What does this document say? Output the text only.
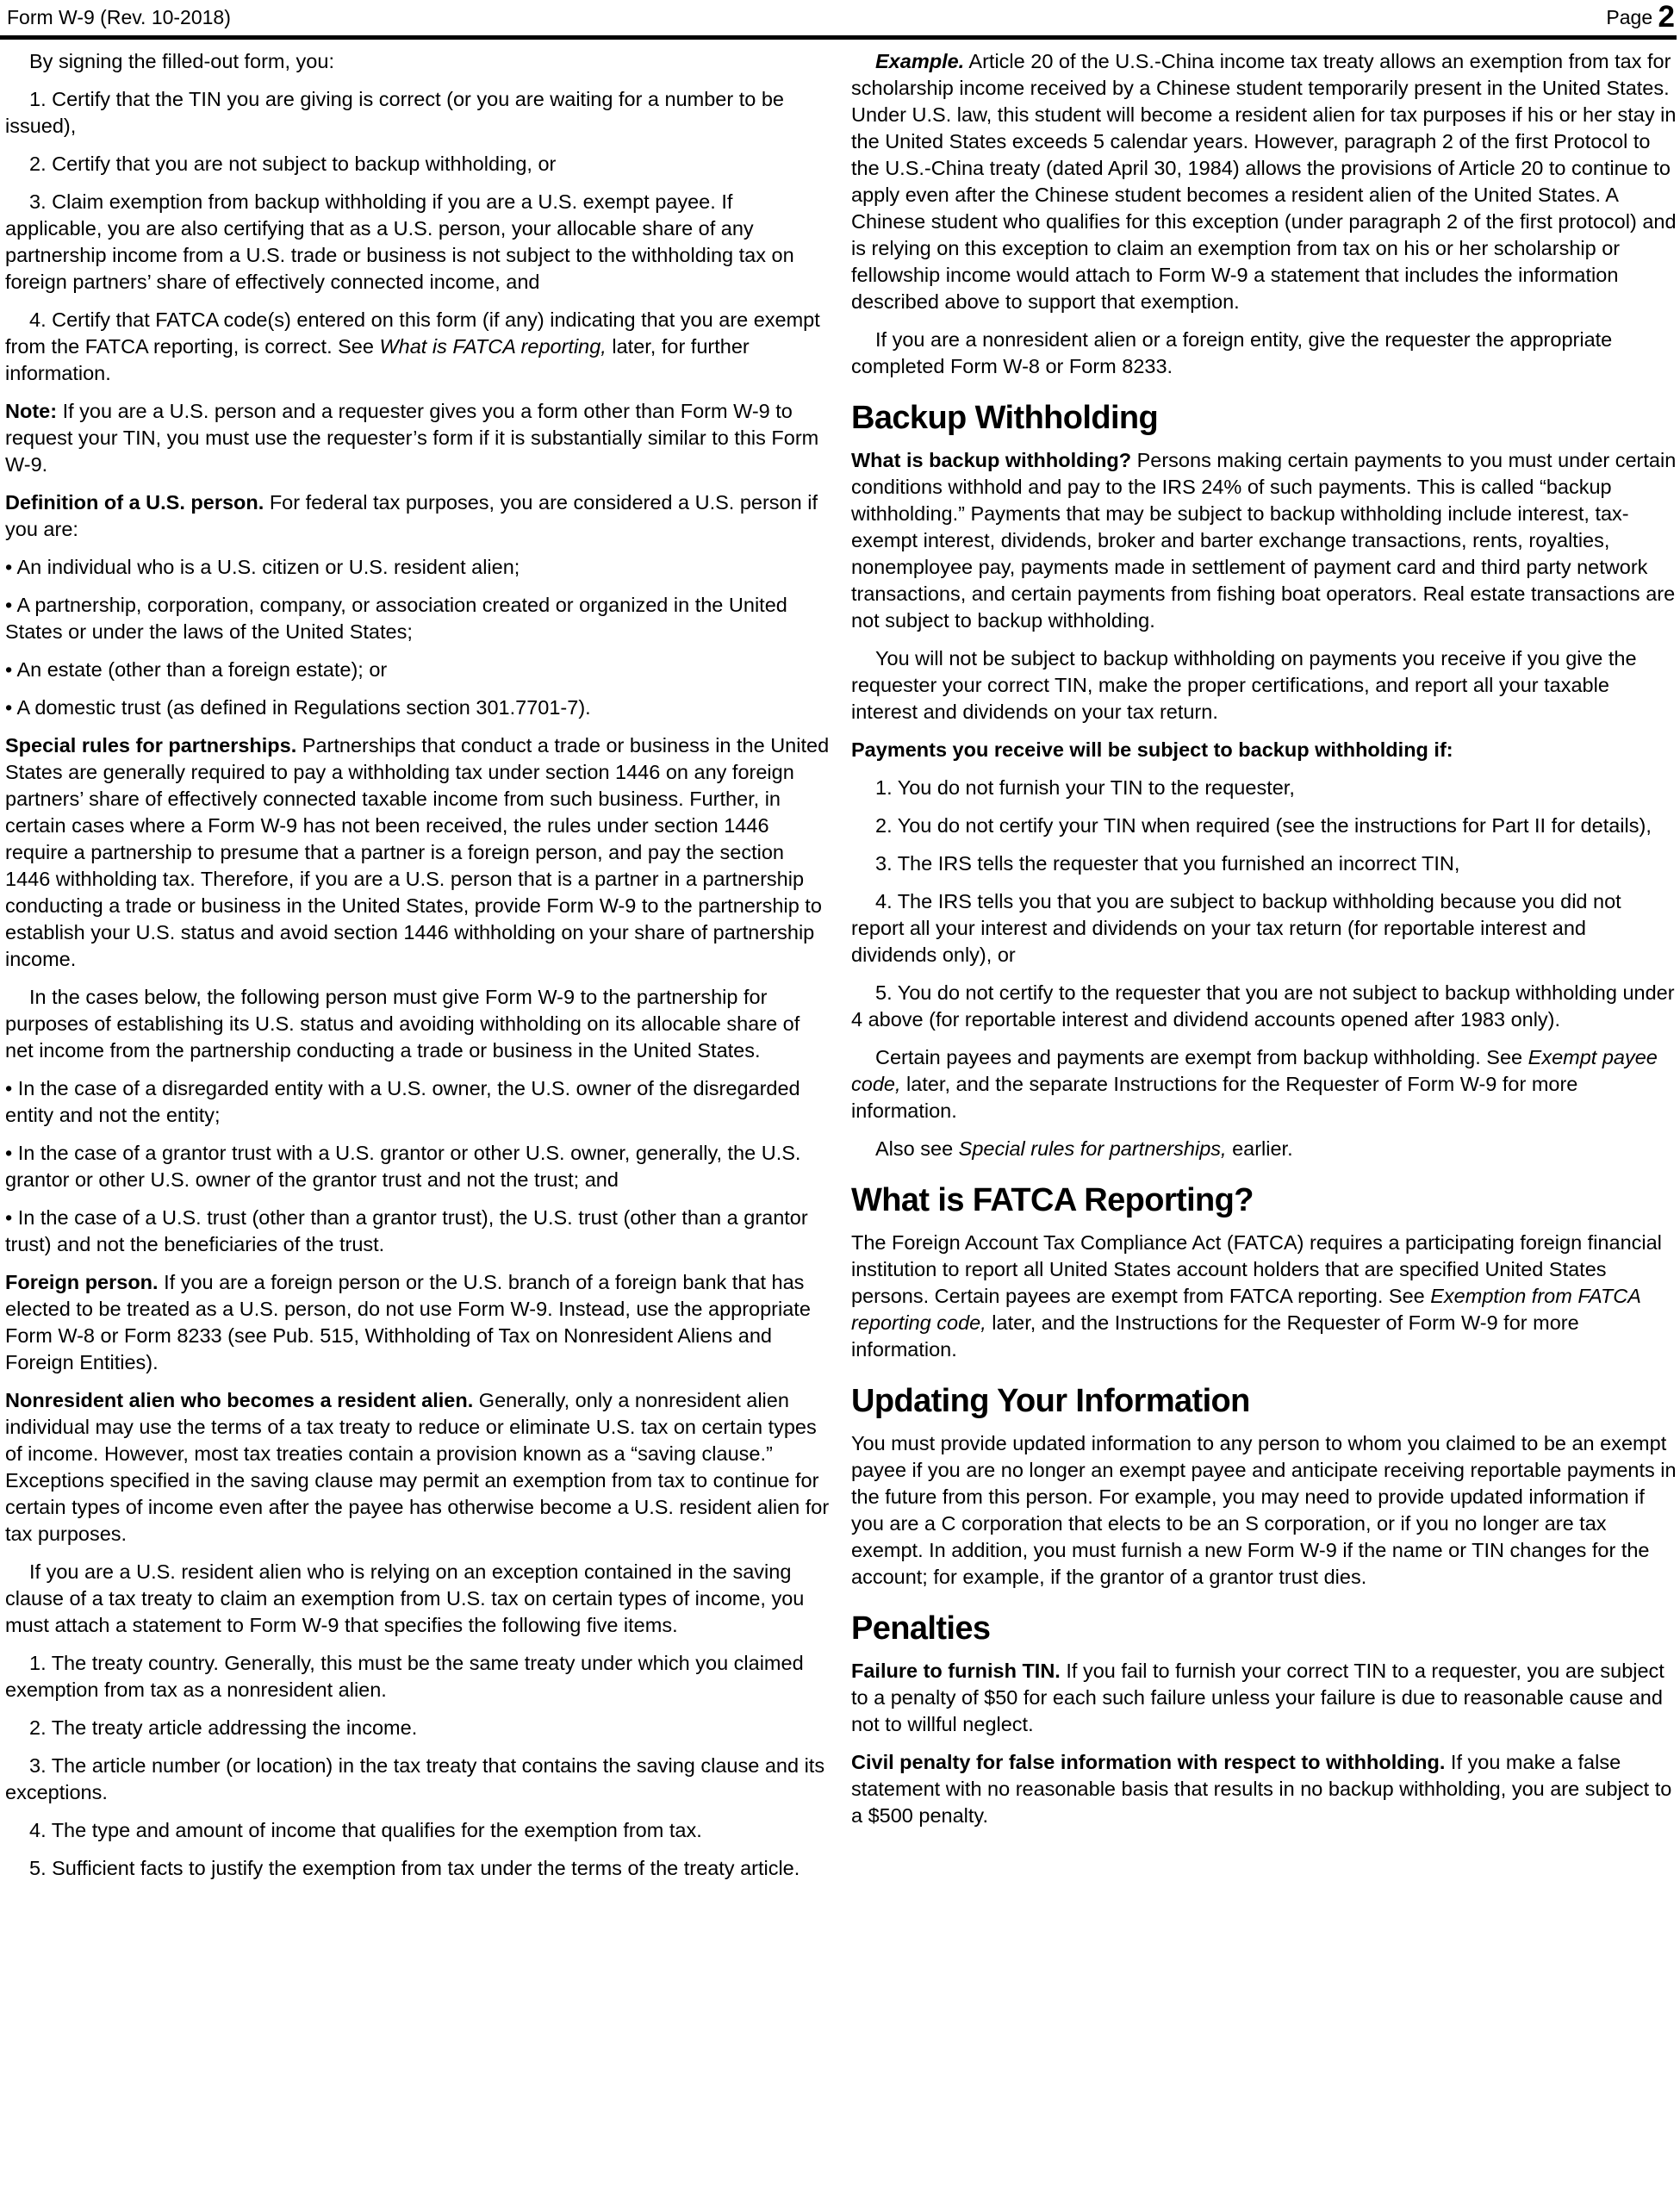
Form W-9 (Rev. 10-2018)	Page 2

By signing the filled-out form, you:

1. Certify that the TIN you are giving is correct (or you are waiting for a number to be issued),

2. Certify that you are not subject to backup withholding, or

3. Claim exemption from backup withholding if you are a U.S. exempt payee. If applicable, you are also certifying that as a U.S. person, your allocable share of any partnership income from a U.S. trade or business is not subject to the withholding tax on foreign partners’ share of effectively connected income, and

4. Certify that FATCA code(s) entered on this form (if any) indicating that you are exempt from the FATCA reporting, is correct. See What is FATCA reporting, later, for further information.

Note: If you are a U.S. person and a requester gives you a form other than Form W-9 to request your TIN, you must use the requester’s form if it is substantially similar to this Form W-9.

Definition of a U.S. person. For federal tax purposes, you are considered a U.S. person if you are:

• An individual who is a U.S. citizen or U.S. resident alien;

• A partnership, corporation, company, or association created or organized in the United States or under the laws of the United States;

• An estate (other than a foreign estate); or

• A domestic trust (as defined in Regulations section 301.7701-7).

Special rules for partnerships. Partnerships that conduct a trade or business in the United States are generally required to pay a withholding tax under section 1446 on any foreign partners’ share of effectively connected taxable income from such business. Further, in certain cases where a Form W-9 has not been received, the rules under section 1446 require a partnership to presume that a partner is a foreign person, and pay the section 1446 withholding tax. Therefore, if you are a U.S. person that is a partner in a partnership conducting a trade or business in the United States, provide Form W-9 to the partnership to establish your U.S. status and avoid section 1446 withholding on your share of partnership income.

In the cases below, the following person must give Form W-9 to the partnership for purposes of establishing its U.S. status and avoiding withholding on its allocable share of net income from the partnership conducting a trade or business in the United States.

• In the case of a disregarded entity with a U.S. owner, the U.S. owner of the disregarded entity and not the entity;

• In the case of a grantor trust with a U.S. grantor or other U.S. owner, generally, the U.S. grantor or other U.S. owner of the grantor trust and not the trust; and

• In the case of a U.S. trust (other than a grantor trust), the U.S. trust (other than a grantor trust) and not the beneficiaries of the trust.

Foreign person. If you are a foreign person or the U.S. branch of a foreign bank that has elected to be treated as a U.S. person, do not use Form W-9. Instead, use the appropriate Form W-8 or Form 8233 (see Pub. 515, Withholding of Tax on Nonresident Aliens and Foreign Entities).

Nonresident alien who becomes a resident alien. Generally, only a nonresident alien individual may use the terms of a tax treaty to reduce or eliminate U.S. tax on certain types of income. However, most tax treaties contain a provision known as a “saving clause.” Exceptions specified in the saving clause may permit an exemption from tax to continue for certain types of income even after the payee has otherwise become a U.S. resident alien for tax purposes.

If you are a U.S. resident alien who is relying on an exception contained in the saving clause of a tax treaty to claim an exemption from U.S. tax on certain types of income, you must attach a statement to Form W-9 that specifies the following five items.

1. The treaty country. Generally, this must be the same treaty under which you claimed exemption from tax as a nonresident alien.

2. The treaty article addressing the income.

3. The article number (or location) in the tax treaty that contains the saving clause and its exceptions.

4. The type and amount of income that qualifies for the exemption from tax.

5. Sufficient facts to justify the exemption from tax under the terms of the treaty article.

Example. Article 20 of the U.S.-China income tax treaty allows an exemption from tax for scholarship income received by a Chinese student temporarily present in the United States. Under U.S. law, this student will become a resident alien for tax purposes if his or her stay in the United States exceeds 5 calendar years. However, paragraph 2 of the first Protocol to the U.S.-China treaty (dated April 30, 1984) allows the provisions of Article 20 to continue to apply even after the Chinese student becomes a resident alien of the United States. A Chinese student who qualifies for this exception (under paragraph 2 of the first protocol) and is relying on this exception to claim an exemption from tax on his or her scholarship or fellowship income would attach to Form W-9 a statement that includes the information described above to support that exemption.

If you are a nonresident alien or a foreign entity, give the requester the appropriate completed Form W-8 or Form 8233.

Backup Withholding

What is backup withholding? Persons making certain payments to you must under certain conditions withhold and pay to the IRS 24% of such payments. This is called “backup withholding.” Payments that may be subject to backup withholding include interest, tax-exempt interest, dividends, broker and barter exchange transactions, rents, royalties, nonemployee pay, payments made in settlement of payment card and third party network transactions, and certain payments from fishing boat operators. Real estate transactions are not subject to backup withholding.

You will not be subject to backup withholding on payments you receive if you give the requester your correct TIN, make the proper certifications, and report all your taxable interest and dividends on your tax return.

Payments you receive will be subject to backup withholding if:

1. You do not furnish your TIN to the requester,

2. You do not certify your TIN when required (see the instructions for Part II for details),

3. The IRS tells the requester that you furnished an incorrect TIN,

4. The IRS tells you that you are subject to backup withholding because you did not report all your interest and dividends on your tax return (for reportable interest and dividends only), or

5. You do not certify to the requester that you are not subject to backup withholding under 4 above (for reportable interest and dividend accounts opened after 1983 only).

Certain payees and payments are exempt from backup withholding. See Exempt payee code, later, and the separate Instructions for the Requester of Form W-9 for more information.

Also see Special rules for partnerships, earlier.

What is FATCA Reporting?

The Foreign Account Tax Compliance Act (FATCA) requires a participating foreign financial institution to report all United States account holders that are specified United States persons. Certain payees are exempt from FATCA reporting. See Exemption from FATCA reporting code, later, and the Instructions for the Requester of Form W-9 for more information.

Updating Your Information

You must provide updated information to any person to whom you claimed to be an exempt payee if you are no longer an exempt payee and anticipate receiving reportable payments in the future from this person. For example, you may need to provide updated information if you are a C corporation that elects to be an S corporation, or if you no longer are tax exempt. In addition, you must furnish a new Form W-9 if the name or TIN changes for the account; for example, if the grantor of a grantor trust dies.

Penalties

Failure to furnish TIN. If you fail to furnish your correct TIN to a requester, you are subject to a penalty of $50 for each such failure unless your failure is due to reasonable cause and not to willful neglect.

Civil penalty for false information with respect to withholding. If you make a false statement with no reasonable basis that results in no backup withholding, you are subject to a $500 penalty.
